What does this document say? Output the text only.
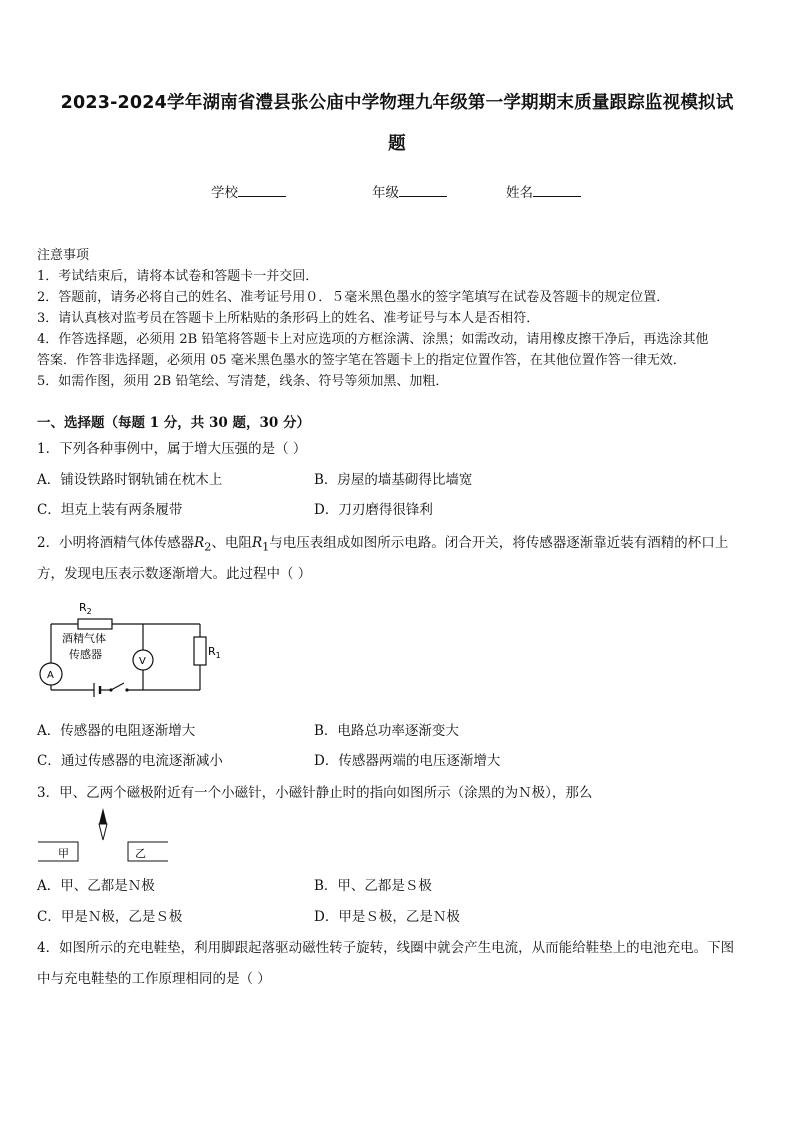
2023-2024学年湖南省澧县张公庙中学物理九年级第一学期期末质量跟踪监视模拟试
题
学校	年级	姓名
注意事项
1．考试结束后，请将本试卷和答题卡一并交回．
2．答题前，请务必将自己的姓名、准考证号用０．５毫米黑色墨水的签字笔填写在试卷及答题卡的规定位置．
3．请认真核对监考员在答题卡上所粘贴的条形码上的姓名、准考证号与本人是否相符．
4．作答选择题，必须用 2B 铅笔将答题卡上对应选项的方框涂满、涂黑；如需改动，请用橡皮擦干净后，再选涂其他
答案．作答非选择题，必须用 05 毫米黑色墨水的签字笔在答题卡上的指定位置作答，在其他位置作答一律无效．
5．如需作图，须用 2B 铅笔绘、写清楚，线条、符号等须加黑、加粗．
一、选择题（每题 1 分，共 30 题，30 分）
1．下列各种事例中，属于增大压强的是（ ）
A．铺设铁路时钢轨铺在枕木上	B．房屋的墙基砌得比墙宽
C．坦克上装有两条履带	D．刀刃磨得很锋利
2．小明将酒精气体传感器$R_2$、电阻$R_1$与电压表组成如图所示电路。闭合开关，将传感器逐渐靠近装有酒精的杯口上
方，发现电压表示数逐渐增大。此过程中（ ）
$R_2$
酒精气体
传感器
V
A
$R_1$
A．传感器的电阻逐渐增大	B．电路总功率逐渐变大
C．通过传感器的电流逐渐减小	D．传感器两端的电压逐渐增大
3．甲、乙两个磁极附近有一个小磁针，小磁针静止时的指向如图所示（涂黑的为Ｎ极），那么
甲	乙
A．甲、乙都是Ｎ极	B．甲、乙都是Ｓ极
C．甲是Ｎ极，乙是Ｓ极	D．甲是Ｓ极，乙是Ｎ极
4．如图所示的充电鞋垫，利用脚跟起落驱动磁性转子旋转，线圈中就会产生电流，从而能给鞋垫上的电池充电。下图
中与充电鞋垫的工作原理相同的是（ ）
